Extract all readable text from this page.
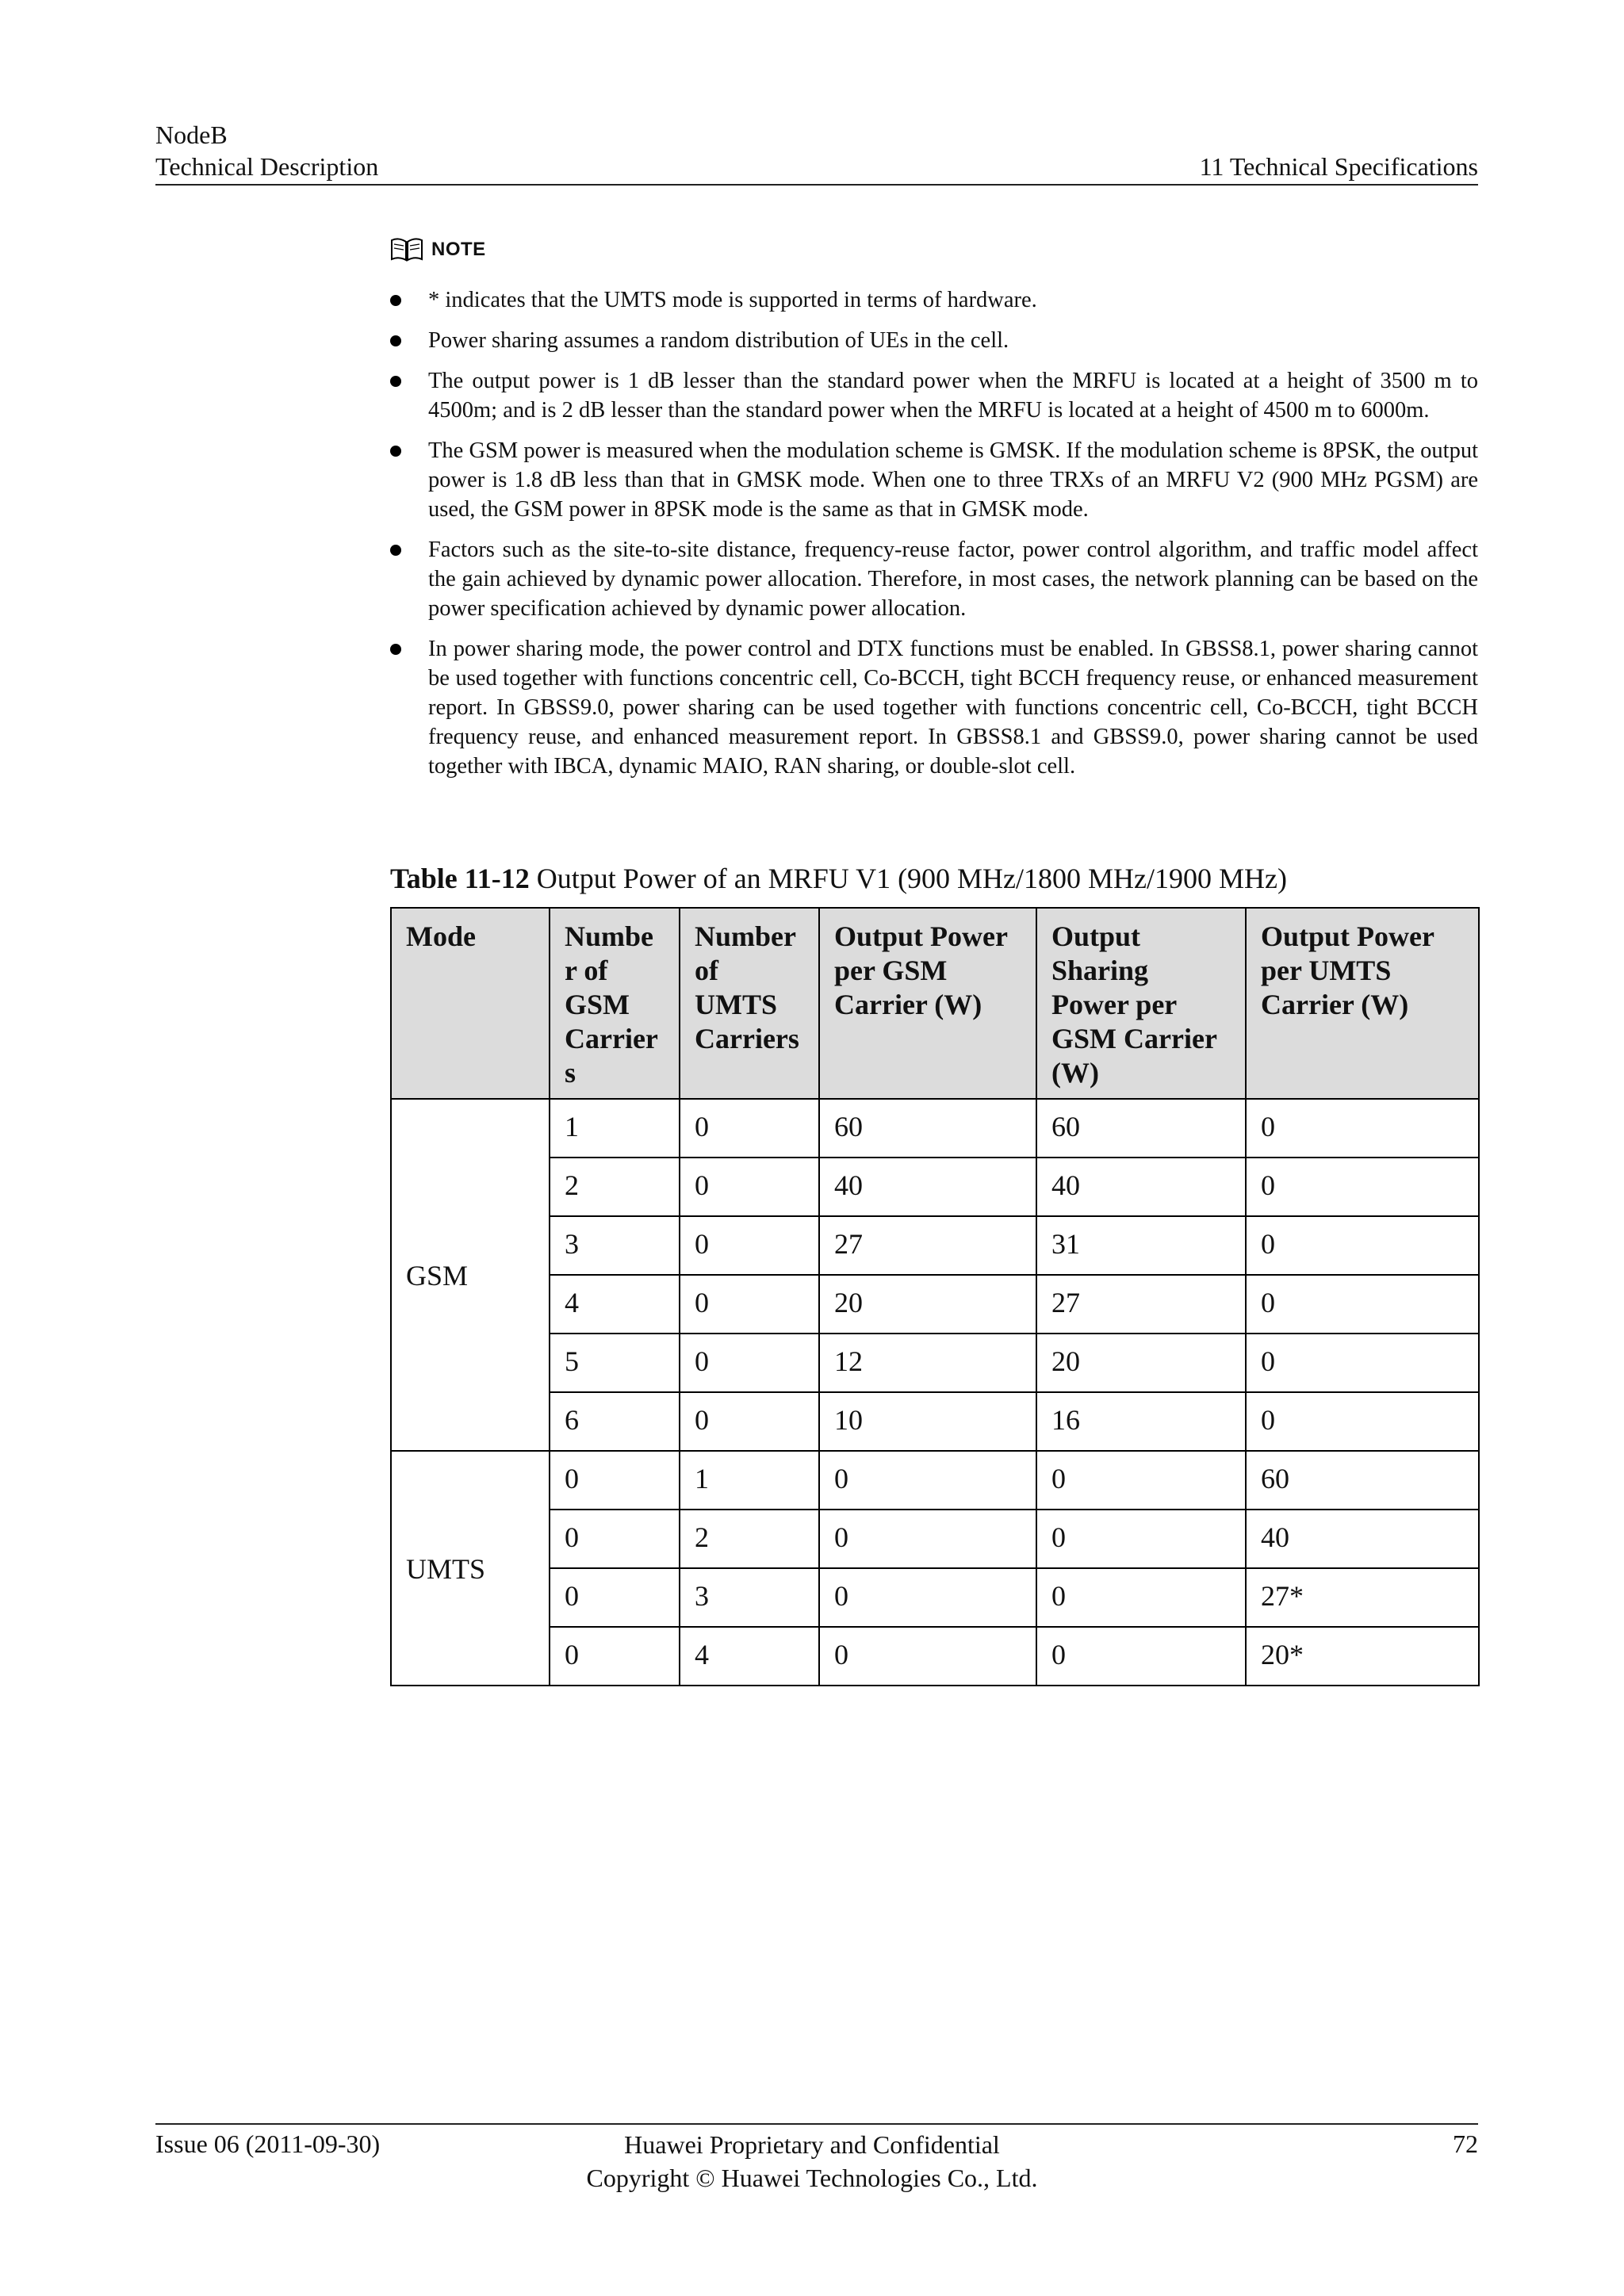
NodeB
Technical Description	11 Technical Specifications
NOTE
* indicates that the UMTS mode is supported in terms of hardware.
Power sharing assumes a random distribution of UEs in the cell.
The output power is 1 dB lesser than the standard power when the MRFU is located at a height of 3500 m to 4500m; and is 2 dB lesser than the standard power when the MRFU is located at a height of 4500 m to 6000m.
The GSM power is measured when the modulation scheme is GMSK. If the modulation scheme is 8PSK, the output power is 1.8 dB less than that in GMSK mode. When one to three TRXs of an MRFU V2 (900 MHz PGSM) are used, the GSM power in 8PSK mode is the same as that in GMSK mode.
Factors such as the site-to-site distance, frequency-reuse factor, power control algorithm, and traffic model affect the gain achieved by dynamic power allocation. Therefore, in most cases, the network planning can be based on the power specification achieved by dynamic power allocation.
In power sharing mode, the power control and DTX functions must be enabled. In GBSS8.1, power sharing cannot be used together with functions concentric cell, Co-BCCH, tight BCCH frequency reuse, or enhanced measurement report. In GBSS9.0, power sharing can be used together with functions concentric cell, Co-BCCH, tight BCCH frequency reuse, and enhanced measurement report. In GBSS8.1 and GBSS9.0, power sharing cannot be used together with IBCA, dynamic MAIO, RAN sharing, or double-slot cell.
Table 11-12 Output Power of an MRFU V1 (900 MHz/1800 MHz/1900 MHz)
Mode	Numbe r of GSM Carrier s	Number of UMTS Carriers	Output Power per GSM Carrier (W)	Output Sharing Power per GSM Carrier (W)	Output Power per UMTS Carrier (W)
GSM	1	0	60	60	0
	2	0	40	40	0
	3	0	27	31	0
	4	0	20	27	0
	5	0	12	20	0
	6	0	10	16	0
UMTS	0	1	0	0	60
	0	2	0	0	40
	0	3	0	0	27*
	0	4	0	0	20*
Issue 06 (2011-09-30)	Huawei Proprietary and Confidential
Copyright © Huawei Technologies Co., Ltd.
72
